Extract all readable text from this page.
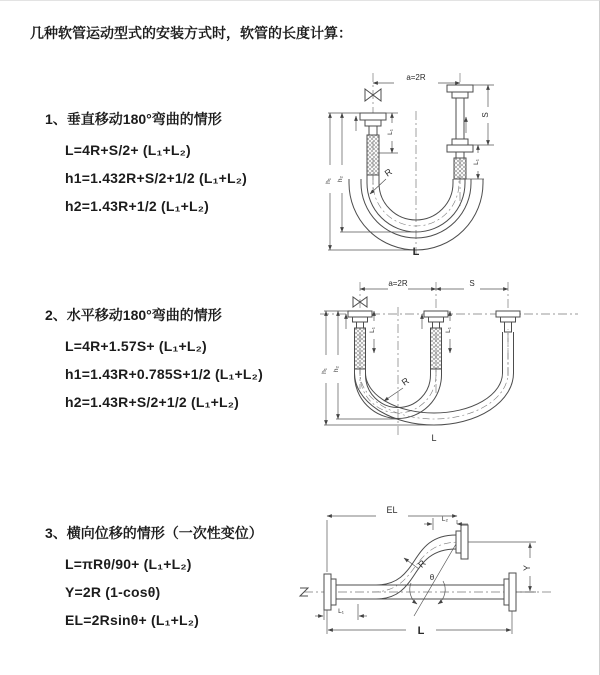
几种软管运动型式的安装方式时，软管的长度计算：
1、垂直移动180°弯曲的情形

L=4R+S/2+ (L₁+L₂)

h1=1.432R+S/2+1/2 (L₁+L₂)

h2=1.43R+1/2 (L₁+L₂)

a=2R
R
h₁ h₂
S
L₁
L₁
L
2、水平移动180°弯曲的情形

L=4R+1.57S+ (L₁+L₂)

h1=1.43R+0.785S+1/2 (L₁+L₂)

h2=1.43R+S/2+1/2 (L₁+L₂)

a=2R	S
h₁ h₂
L₁	L₁
R
L
3、横向位移的情形（一次性变位）

L=πRθ/90+ (L₁+L₂)

Y=2R (1-cosθ)

EL=2Rsinθ+ (L₁+L₂)

EL
L₂
Y
L
L₁
R
θ
